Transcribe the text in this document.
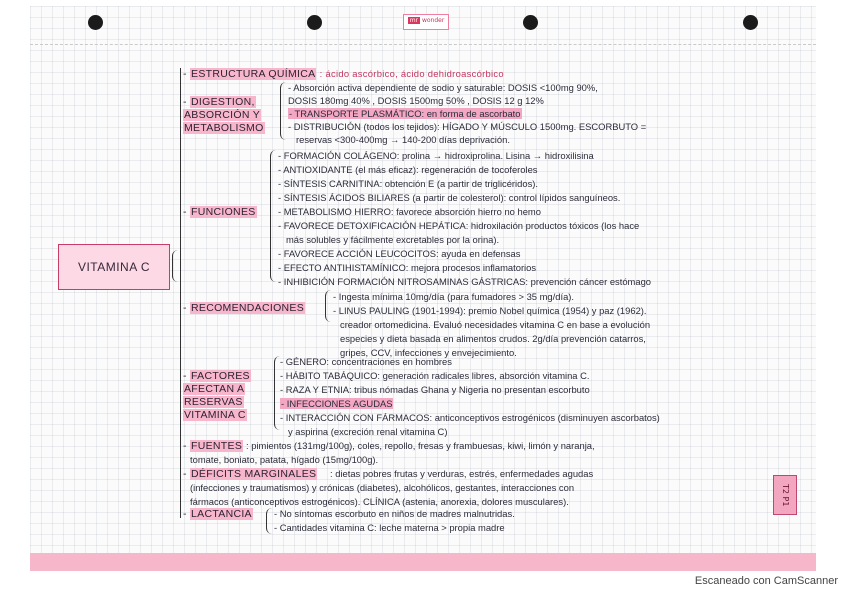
mr wonder
VITAMINA C
- ESTRUCTURA QUÍMICA : ácido ascórbico, ácido dehidroascórbico
- DIGESTION,
ABSORCIÓN Y
METABOLISMO
- Absorción activa dependiente de sodio y saturable: DOSIS <100mg 90%,
DOSIS 180mg 40% , DOSIS 1500mg 50% , DOSIS 12 g 12%
- TRANSPORTE PLASMÁTICO: en forma de ascorbato
- DISTRIBUCIÓN (todos los tejidos): HÍGADO Y MÚSCULO 1500mg. ESCORBUTO =
reservas <300-400mg → 140-200 días deprivación.
- FUNCIONES
- FORMACIÓN COLÁGENO: prolina → hidroxiprolina. Lisina → hidroxilisina
- ANTIOXIDANTE (el más eficaz): regeneración de tocoferoles
- SÍNTESIS CARNITINA: obtención E (a partir de triglicéridos).
- SÍNTESIS ÁCIDOS BILIARES (a partir de colesterol): control lípidos sanguíneos.
- METABOLISMO HIERRO: favorece absorción hierro no hemo
- FAVORECE DETOXIFICACIÓN HEPÁTICA: hidroxilación productos tóxicos (los hace
más solubles y fácilmente excretables por la orina).
- FAVORECE ACCIÓN LEUCOCITOS: ayuda en defensas
- EFECTO ANTIHISTAMÍNICO: mejora procesos inflamatorios
- INHIBICIÓN FORMACIÓN NITROSAMINAS GÁSTRICAS: prevención cáncer estómago
- RECOMENDACIONES
- Ingesta mínima 10mg/día (para fumadores > 35 mg/día).
- LINUS PAULING (1901-1994): premio Nobel química (1954) y paz (1962).
creador ortomedicina. Evaluó necesidades vitamina C en base a evolución
especies y dieta basada en alimentos crudos. 2g/día prevención catarros,
gripes, CCV, infecciones y envejecimiento.
- FACTORES
AFECTAN A
RESERVAS
VITAMINA C
- GÉNERO: concentraciones en hombres
- HÁBITO TABÁQUICO: generación radicales libres, absorción vitamina C.
- RAZA Y ETNIA: tribus nómadas Ghana y Nigeria no presentan escorbuto
- INFECCIONES AGUDAS
- INTERACCIÓN CON FÁRMACOS: anticonceptivos estrogénicos (disminuyen ascorbatos)
y aspirina (excreción renal vitamina C)
- FUENTES : pimientos (131mg/100g), coles, repollo, fresas y frambuesas, kiwi, limón y naranja,
tomate, boniato, patata, hígado (15mg/100g).
- DÉFICITS MARGINALES : dietas pobres frutas y verduras, estrés, enfermedades agudas
(infecciones y traumatismos) y crónicas (diabetes), alcohólicos, gestantes, interacciones con
fármacos (anticonceptivos estrogénicos). CLÍNICA (astenia, anorexia, dolores musculares).
- LACTANCIA - No síntomas escorbuto en niños de madres malnutridas.
- Cantidades vitamina C: leche materna > propia madre
T2 P1
Escaneado con CamScanner
